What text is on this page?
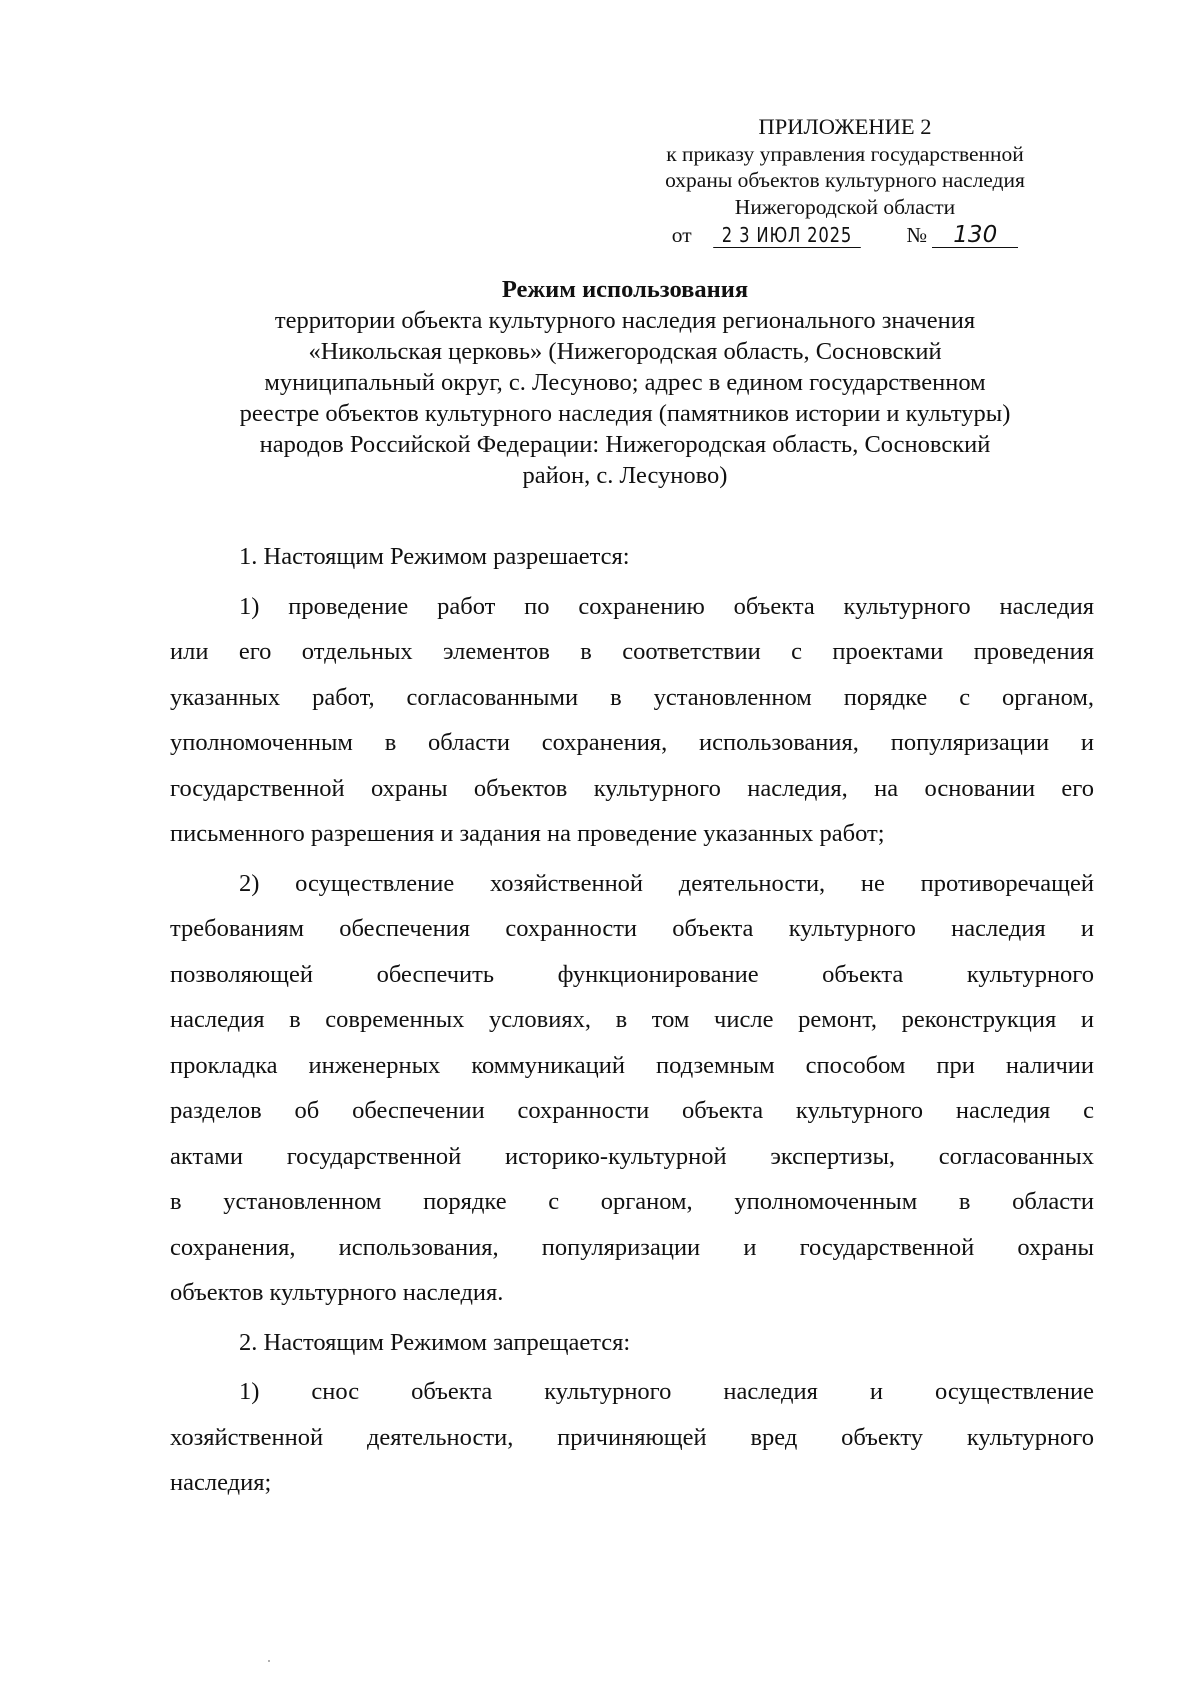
ПРИЛОЖЕНИЕ 2
к приказу управления государственной
охраны объектов культурного наследия
Нижегородской области
от 2 3 ИЮЛ 2025	№ 130
Режим использования
территории объекта культурного наследия регионального значения
«Никольская церковь» (Нижегородская область, Сосновский
муниципальный округ, с. Лесуново; адрес в едином государственном
реестре объектов культурного наследия (памятников истории и культуры)
народов Российской Федерации: Нижегородская область, Сосновский
район, с. Лесуново)

1. Настоящим Режимом разрешается:

1) проведение работ по сохранению объекта культурного наследия
или его отдельных элементов в соответствии с проектами проведения
указанных работ, согласованными в установленном порядке с органом,
уполномоченным в области сохранения, использования, популяризации и
государственной охраны объектов культурного наследия, на основании его
письменного разрешения и задания на проведение указанных работ;

2) осуществление хозяйственной деятельности, не противоречащей
требованиям обеспечения сохранности объекта культурного наследия и
позволяющей обеспечить функционирование объекта культурного
наследия в современных условиях, в том числе ремонт, реконструкция и
прокладка инженерных коммуникаций подземным способом при наличии
разделов об обеспечении сохранности объекта культурного наследия с
актами государственной историко-культурной экспертизы, согласованных
в установленном порядке с органом, уполномоченным в области
сохранения, использования, популяризации и государственной охраны
объектов культурного наследия.

2. Настоящим Режимом запрещается:

1) снос объекта культурного наследия и осуществление
хозяйственной деятельности, причиняющей вред объекту культурного
наследия;
